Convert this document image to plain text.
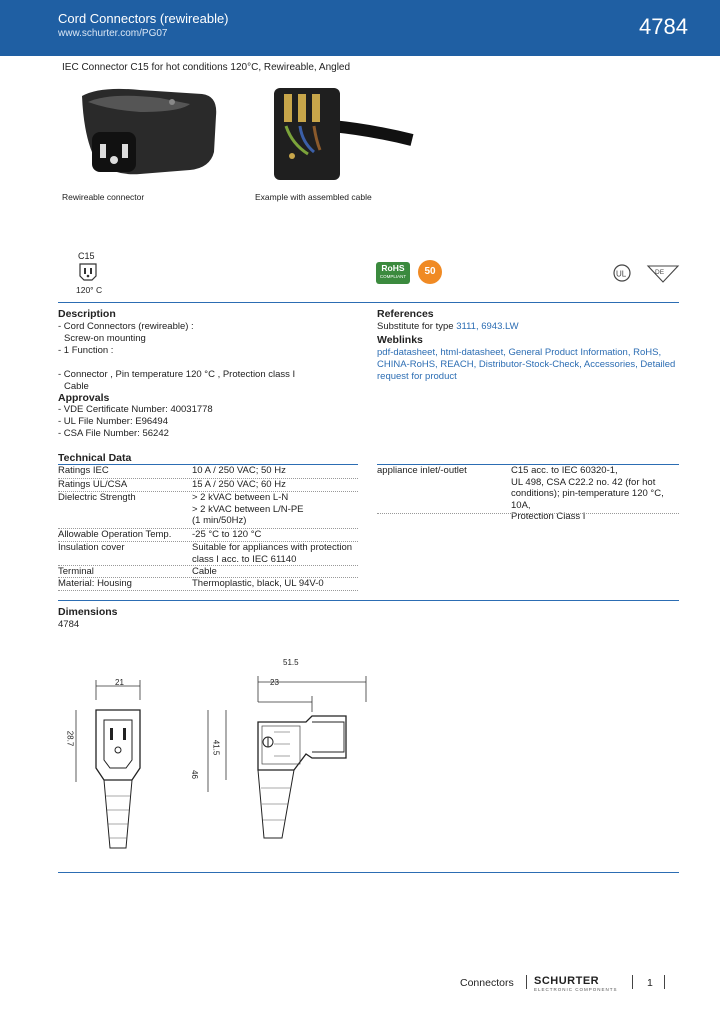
Cord Connectors (rewireable)
www.schurter.com/PG07	4784
IEC Connector C15 for hot conditions 120°C, Rewireable, Angled
Rewireable connector	Example with assembled cable
C15
120° C
RoHS
COMPLIANT	50	UL	DE
Description
- Cord Connectors (rewireable) :
Screw-on mounting
- 1 Function :
- Connector , Pin temperature 120 °C , Protection class I
Cable
Approvals
- VDE Certificate Number: 40031778
- UL File Number: E96494
- CSA File Number: 56242
References
Substitute for type 3111, 6943.LW
Weblinks
pdf-datasheet, html-datasheet, General Product Information, RoHS, CHINA-RoHS, REACH, Distributor-Stock-Check, Accessories, Detailed request for product
Technical Data
Ratings IEC	10 A / 250 VAC; 50 Hz
Ratings UL/CSA	15 A / 250 VAC; 60 Hz
Dielectric Strength	> 2 kVAC between L-N
> 2 kVAC between L/N-PE
(1 min/50Hz)
Allowable Operation Temp. -25 °C to 120 °C
Insulation cover	Suitable for appliances with protection
class I acc. to IEC 61140
Terminal	Cable
Material: Housing	Thermoplastic, black, UL 94V-0
appliance inlet/-outlet	C15 acc. to IEC 60320-1,
UL 498, CSA C22.2 no. 42 (for hot conditions); pin-temperature 120 °C, 10A,
Protection Class I
Dimensions
4784
21
28.7
51.5
23
41.5
46
Connectors SCHURTER
ELECTRONIC COMPONENTS
1
